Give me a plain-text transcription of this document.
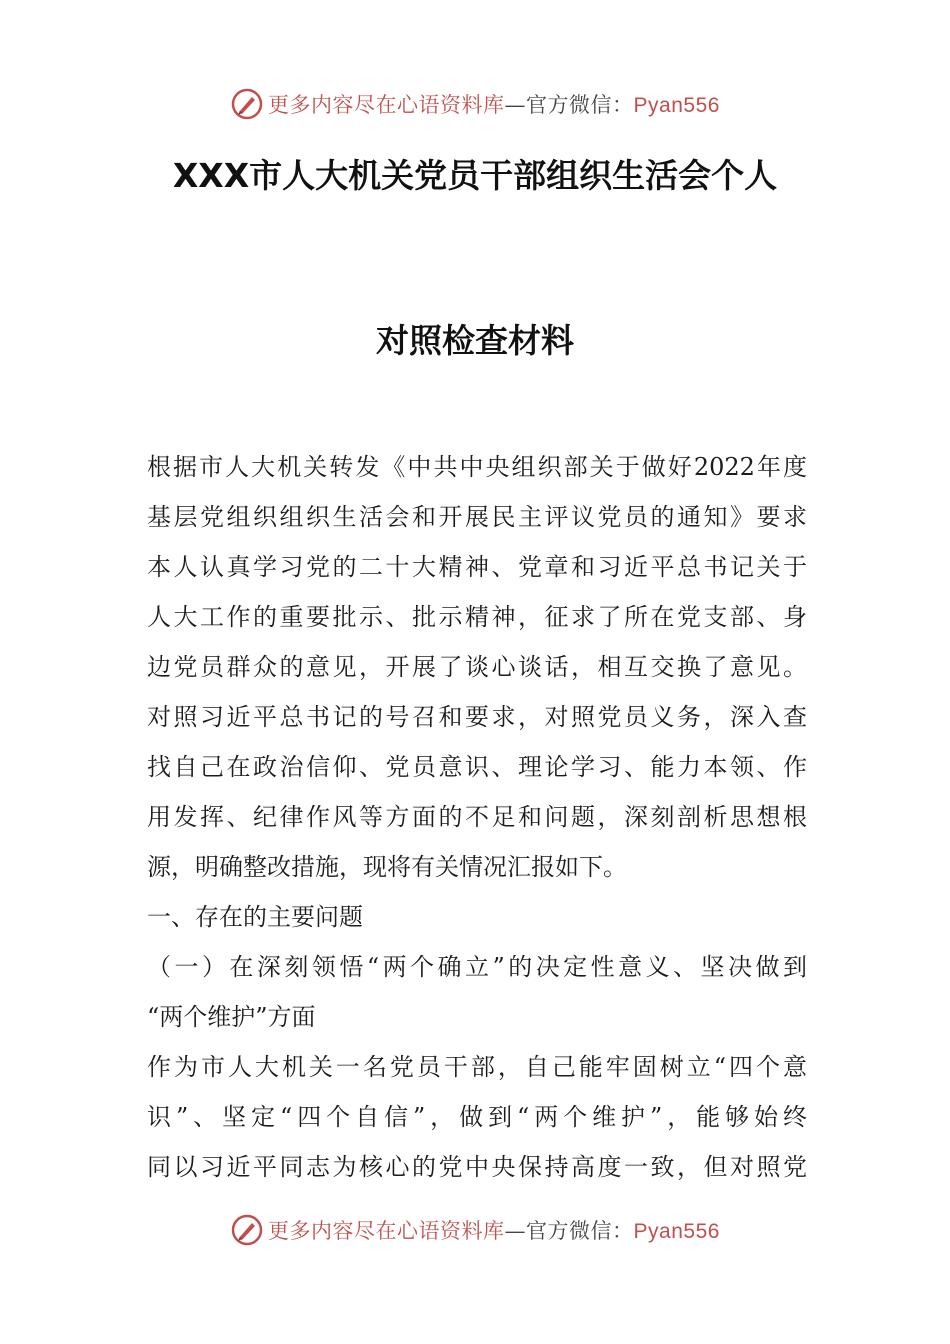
更多内容尽在心语资料库—官方微信：Pyan556
XXX市人大机关党员干部组织生活会个人
对照检查材料
根据市人大机关转发《中共中央组织部关于做好2022年度
基层党组织组织生活会和开展民主评议党员的通知》要求
本人认真学习党的二十大精神、党章和习近平总书记关于
人大工作的重要批示、批示精神，征求了所在党支部、身
边党员群众的意见，开展了谈心谈话，相互交换了意见。
对照习近平总书记的号召和要求，对照党员义务，深入查
找自己在政治信仰、党员意识、理论学习、能力本领、作
用发挥、纪律作风等方面的不足和问题，深刻剖析思想根
源，明确整改措施，现将有关情况汇报如下。
一、存在的主要问题
（一）在深刻领悟“两个确立”的决定性意义、坚决做到
“两个维护”方面
作为市人大机关一名党员干部，自己能牢固树立“四个意
识”、坚定“四个自信”，做到“两个维护”，能够始终
同以习近平同志为核心的党中央保持高度一致，但对照党
更多内容尽在心语资料库—官方微信：Pyan556
